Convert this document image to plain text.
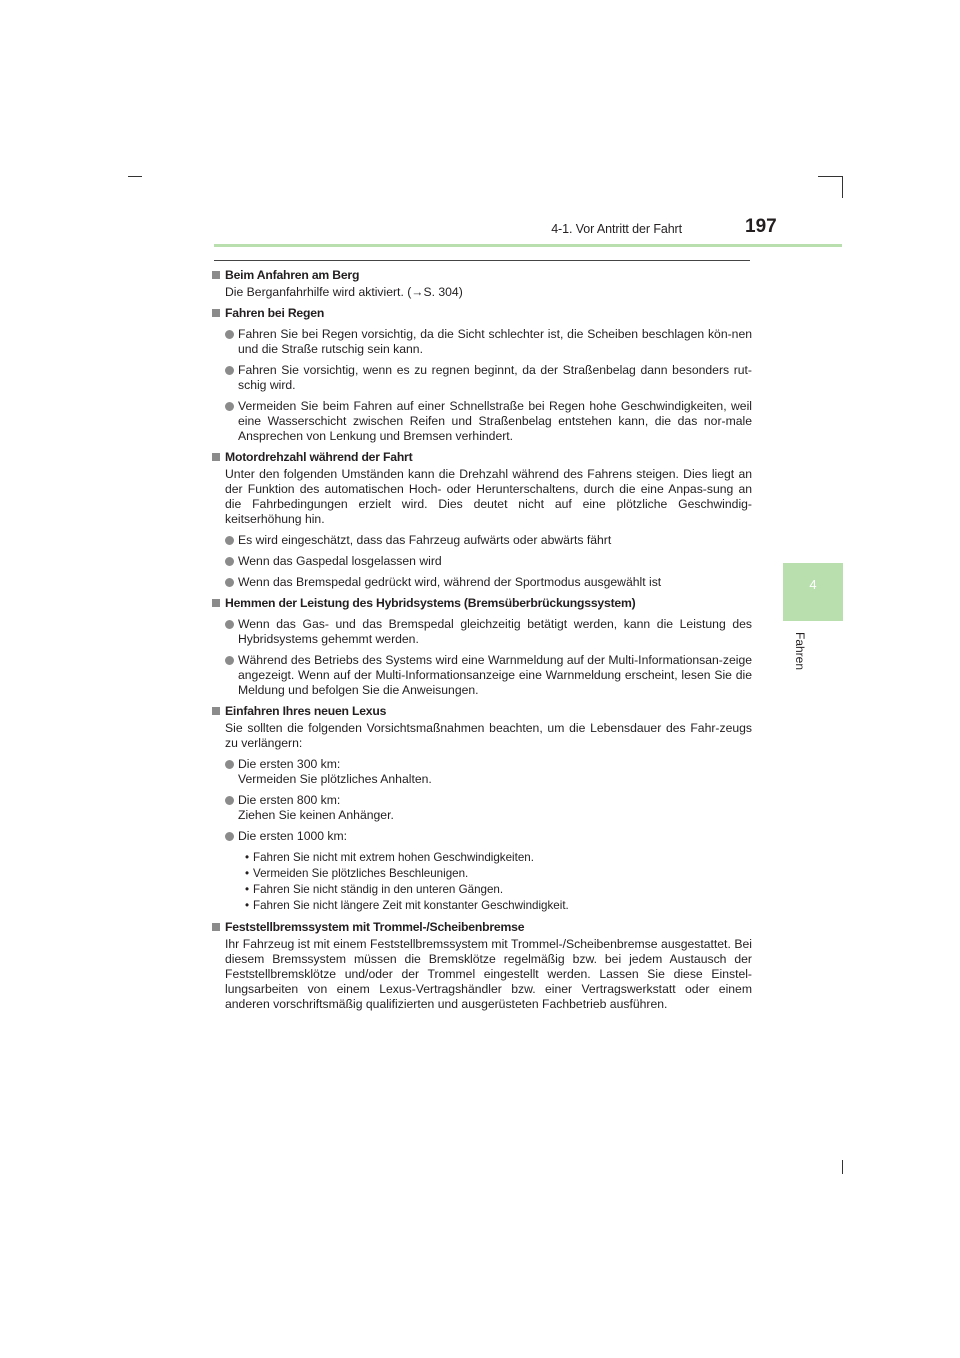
4-1. Vor Antritt der Fahrt	197
4
Fahren
Beim Anfahren am Berg
Die Berganfahrhilfe wird aktiviert. (→S. 304)
Fahren bei Regen
Fahren Sie bei Regen vorsichtig, da die Sicht schlechter ist, die Scheiben beschlagen kön-nen und die Straße rutschig sein kann.
Fahren Sie vorsichtig, wenn es zu regnen beginnt, da der Straßenbelag dann besonders rut-schig wird.
Vermeiden Sie beim Fahren auf einer Schnellstraße bei Regen hohe Geschwindigkeiten, weil eine Wasserschicht zwischen Reifen und Straßenbelag entstehen kann, die das nor-male Ansprechen von Lenkung und Bremsen verhindert.
Motordrehzahl während der Fahrt
Unter den folgenden Umständen kann die Drehzahl während des Fahrens steigen. Dies liegt an der Funktion des automatischen Hoch- oder Herunterschaltens, durch die eine Anpas-sung an die Fahrbedingungen erzielt wird. Dies deutet nicht auf eine plötzliche Geschwindig-keitserhöhung hin.
Es wird eingeschätzt, dass das Fahrzeug aufwärts oder abwärts fährt
Wenn das Gaspedal losgelassen wird
Wenn das Bremspedal gedrückt wird, während der Sportmodus ausgewählt ist
Hemmen der Leistung des Hybridsystems (Bremsüberbrückungssystem)
Wenn das Gas- und das Bremspedal gleichzeitig betätigt werden, kann die Leistung des Hybridsystems gehemmt werden.
Während des Betriebs des Systems wird eine Warnmeldung auf der Multi-Informationsan-zeige angezeigt. Wenn auf der Multi-Informationsanzeige eine Warnmeldung erscheint, lesen Sie die Meldung und befolgen Sie die Anweisungen.
Einfahren Ihres neuen Lexus
Sie sollten die folgenden Vorsichtsmaßnahmen beachten, um die Lebensdauer des Fahr-zeugs zu verlängern:
Die ersten 300 km:
Vermeiden Sie plötzliches Anhalten.
Die ersten 800 km:
Ziehen Sie keinen Anhänger.
Die ersten 1000 km:
• Fahren Sie nicht mit extrem hohen Geschwindigkeiten.
• Vermeiden Sie plötzliches Beschleunigen.
• Fahren Sie nicht ständig in den unteren Gängen.
• Fahren Sie nicht längere Zeit mit konstanter Geschwindigkeit.
Feststellbremssystem mit Trommel-/Scheibenbremse
Ihr Fahrzeug ist mit einem Feststellbremssystem mit Trommel-/Scheibenbremse ausgestattet. Bei diesem Bremssystem müssen die Bremsklötze regelmäßig bzw. bei jedem Austausch der Feststellbremsklötze und/oder der Trommel eingestellt werden. Lassen Sie diese Einstel-lungsarbeiten von einem Lexus-Vertragshändler bzw. einer Vertragswerkstatt oder einem anderen vorschriftsmäßig qualifizierten und ausgerüsteten Fachbetrieb ausführen.
